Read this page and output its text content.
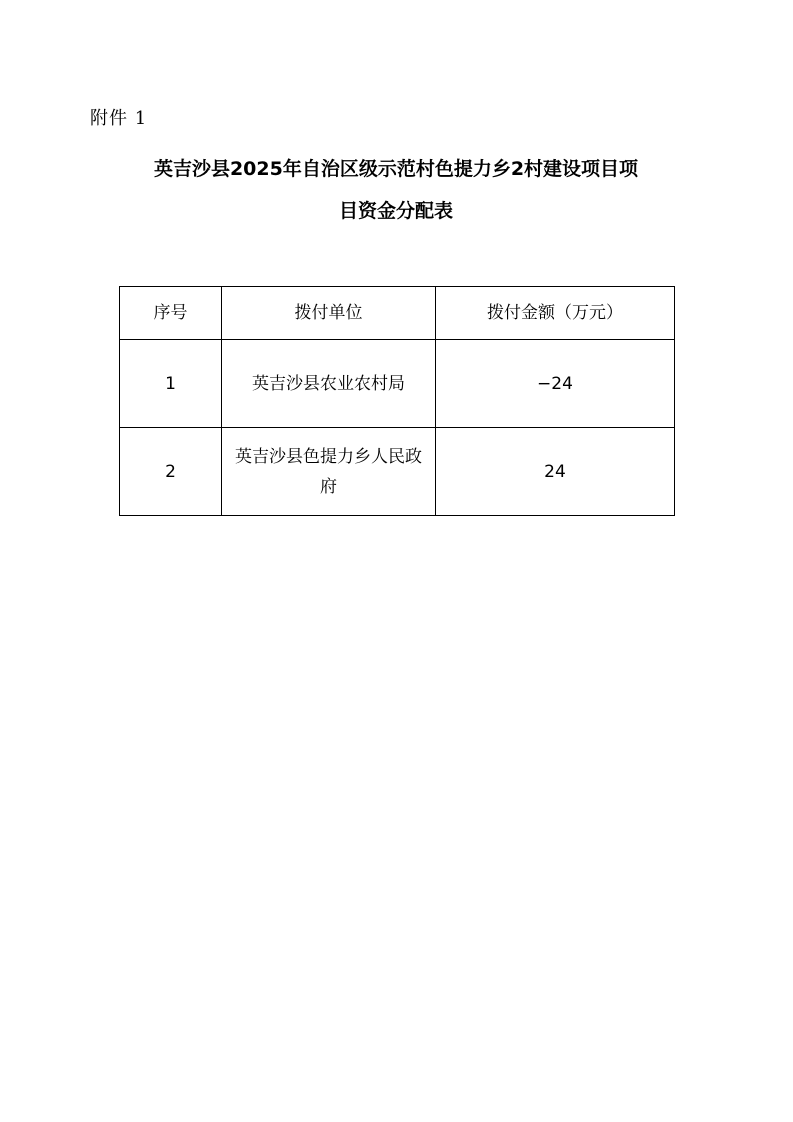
附件 1
英吉沙县2025年自治区级示范村色提力乡2村建设项目项
目资金分配表
序号	拨付单位	拨付金额（万元）
1	英吉沙县农业农村局	−24
2	英吉沙县色提力乡人民政府	24
